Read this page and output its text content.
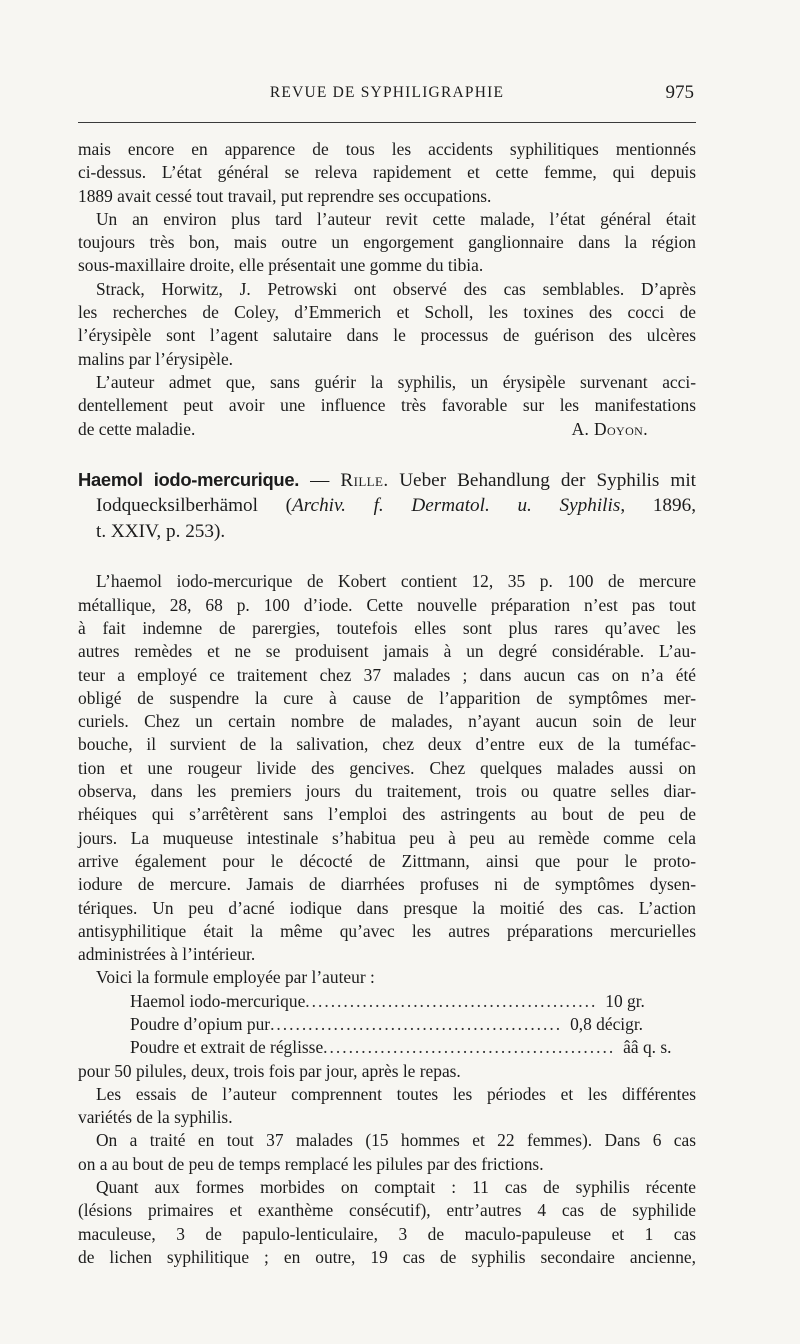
REVUE DE SYPHILIGRAPHIE	975

mais encore en apparence de tous les accidents syphilitiques mentionnés
ci-dessus. L’état général se releva rapidement et cette femme, qui depuis
1889 avait cessé tout travail, put reprendre ses occupations.

Un an environ plus tard l’auteur revit cette malade, l’état général était
toujours très bon, mais outre un engorgement ganglionnaire dans la région
sous-maxillaire droite, elle présentait une gomme du tibia.

Strack, Horwitz, J. Petrowski ont observé des cas semblables. D’après
les recherches de Coley, d’Emmerich et Scholl, les toxines des cocci de
l’érysipèle sont l’agent salutaire dans le processus de guérison des ulcères
malins par l’érysipèle.

L’auteur admet que, sans guérir la syphilis, un érysipèle survenant acci-
dentellement peut avoir une influence très favorable sur les manifestations
de cette maladie.	A. Doyon.

Haemol iodo-mercurique. — Rille. Ueber Behandlung der Syphilis mit
Iodquecksilberhämol (Archiv. f. Dermatol. u. Syphilis, 1896,
t. XXIV, p. 253).

L’haemol iodo-mercurique de Kobert contient 12, 35 p. 100 de mercure
métallique, 28, 68 p. 100 d’iode. Cette nouvelle préparation n’est pas tout
à fait indemne de parergies, toutefois elles sont plus rares qu’avec les
autres remèdes et ne se produisent jamais à un degré considérable. L’au-
teur a employé ce traitement chez 37 malades ; dans aucun cas on n’a été
obligé de suspendre la cure à cause de l’apparition de symptômes mer-
curiels. Chez un certain nombre de malades, n’ayant aucun soin de leur
bouche, il survient de la salivation, chez deux d’entre eux de la tuméfac-
tion et une rougeur livide des gencives. Chez quelques malades aussi on
observa, dans les premiers jours du traitement, trois ou quatre selles diar-
rhéiques qui s’arrêtèrent sans l’emploi des astringents au bout de peu de
jours. La muqueuse intestinale s’habitua peu à peu au remède comme cela
arrive également pour le décocté de Zittmann, ainsi que pour le proto-
iodure de mercure. Jamais de diarrhées profuses ni de symptômes dysen-
tériques. Un peu d’acné iodique dans presque la moitié des cas. L’action
antisyphilitique était la même qu’avec les autres préparations mercurielles
administrées à l’intérieur.

Voici la formule employée par l’auteur :

Haemol iodo-mercurique .............................................. 10 gr.
Poudre d’opium pur .............................................. 0,8 décigr.
Poudre et extrait de réglisse .............................................. ââ q. s.

pour 50 pilules, deux, trois fois par jour, après le repas.

Les essais de l’auteur comprennent toutes les périodes et les différentes
variétés de la syphilis.

On a traité en tout 37 malades (15 hommes et 22 femmes). Dans 6 cas
on a au bout de peu de temps remplacé les pilules par des frictions.

Quant aux formes morbides on comptait : 11 cas de syphilis récente
(lésions primaires et exanthème consécutif), entr’autres 4 cas de syphilide
maculeuse, 3 de papulo-lenticulaire, 3 de maculo-papuleuse et 1 cas
de lichen syphilitique ; en outre, 19 cas de syphilis secondaire ancienne,
